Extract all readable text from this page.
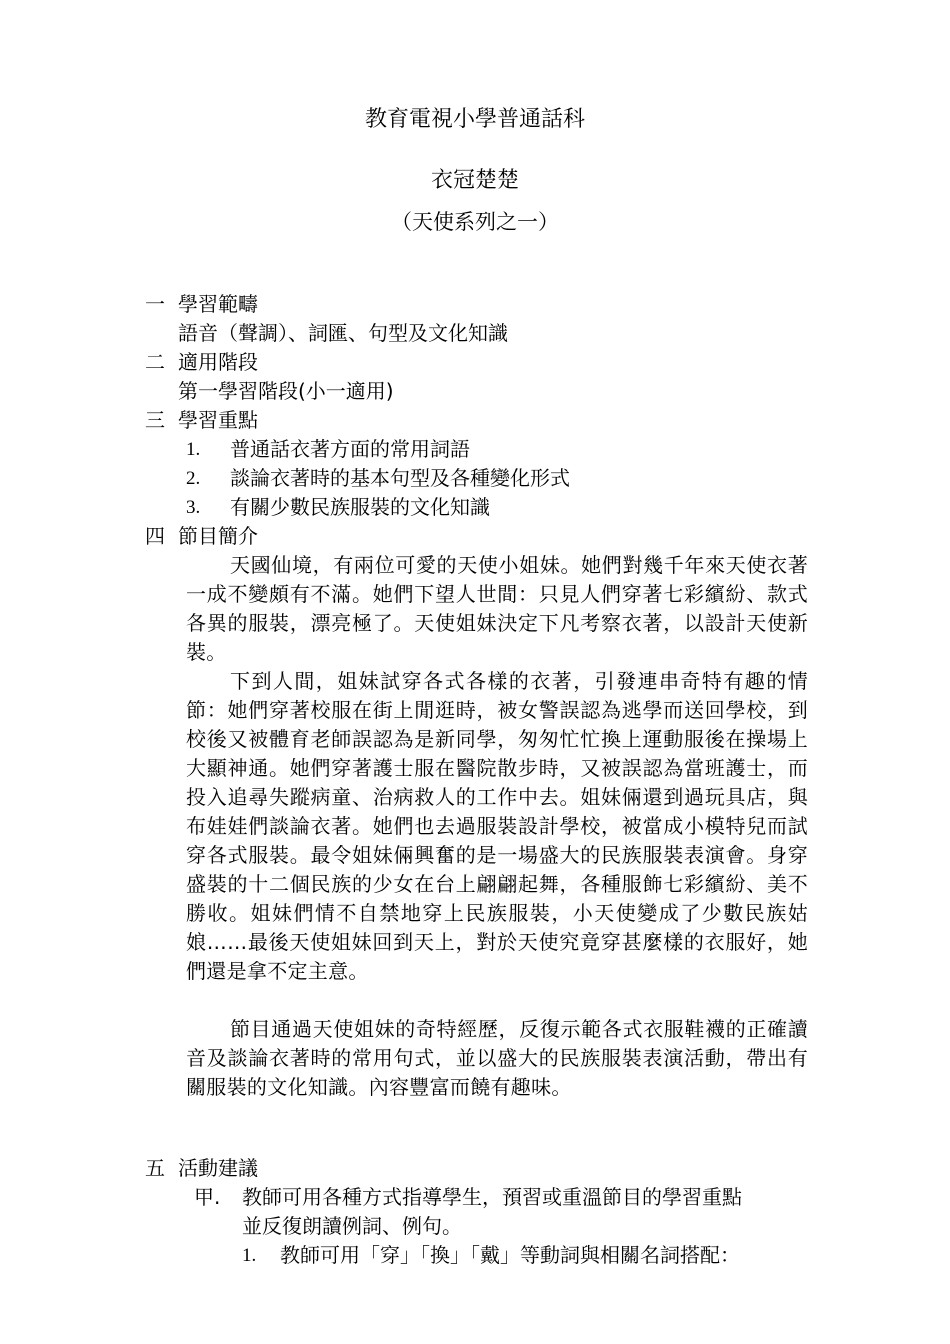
教育電視小學普通話科
衣冠楚楚
（天使系列之一）
一 學習範疇
語音（聲調）、詞匯、句型及文化知識
二 適用階段
第一學習階段(小一適用)
三 學習重點
1. 普通話衣著方面的常用詞語
2. 談論衣著時的基本句型及各種變化形式
3. 有關少數民族服裝的文化知識
四 節目簡介
天國仙境，有兩位可愛的天使小姐妹。她們對幾千年來天使衣著一成不變頗有不滿。她們下望人世間：只見人們穿著七彩繽紛、款式各異的服裝，漂亮極了。天使姐妹決定下凡考察衣著，以設計天使新裝。
下到人間，姐妹試穿各式各樣的衣著，引發連串奇特有趣的情節：她們穿著校服在街上閒逛時，被女警誤認為逃學而送回學校，到校後又被體育老師誤認為是新同學，匆匆忙忙換上運動服後在操場上大顯神通。她們穿著護士服在醫院散步時，又被誤認為當班護士，而投入追尋失蹤病童、治病救人的工作中去。姐妹倆還到過玩具店，與布娃娃們談論衣著。她們也去過服裝設計學校，被當成小模特兒而試穿各式服裝。最令姐妹倆興奮的是一場盛大的民族服裝表演會。身穿盛裝的十二個民族的少女在台上翩翩起舞，各種服飾七彩繽紛、美不勝收。姐妹們情不自禁地穿上民族服裝，小天使變成了少數民族姑娘……最後天使姐妹回到天上，對於天使究竟穿甚麼樣的衣服好，她們還是拿不定主意。
節目通過天使姐妹的奇特經歷，反復示範各式衣服鞋襪的正確讀音及談論衣著時的常用句式，並以盛大的民族服裝表演活動，帶出有關服裝的文化知識。內容豐富而饒有趣味。
五 活動建議
甲. 教師可用各種方式指導學生，預習或重溫節目的學習重點
並反復朗讀例詞、例句。
1. 教師可用「穿」「換」「戴」等動詞與相關名詞搭配：
